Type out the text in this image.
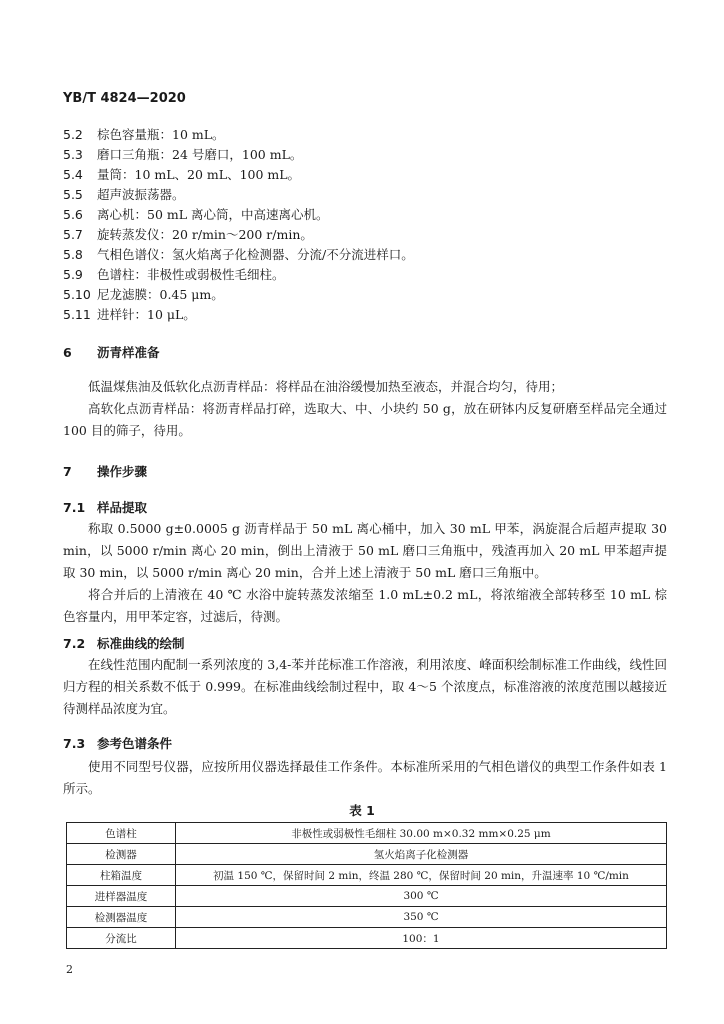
YB/T 4824—2020
5.2 棕色容量瓶：10 mL。
5.3 磨口三角瓶：24 号磨口，100 mL。
5.4 量筒：10 mL、20 mL、100 mL。
5.5 超声波振荡器。
5.6 离心机：50 mL 离心筒，中高速离心机。
5.7 旋转蒸发仪：20 r/min～200 r/min。
5.8 气相色谱仪：氢火焰离子化检测器、分流/不分流进样口。
5.9 色谱柱：非极性或弱极性毛细柱。
5.10 尼龙滤膜：0.45 μm。
5.11 进样针：10 μL。
6 沥青样准备
低温煤焦油及低软化点沥青样品：将样品在油浴缓慢加热至液态，并混合均匀，待用；
高软化点沥青样品：将沥青样品打碎，选取大、中、小块约 50 g，放在研钵内反复研磨至样品完全通过 100 目的筛子，待用。
7 操作步骤
7.1 样品提取
称取 0.5000 g±0.0005 g 沥青样品于 50 mL 离心桶中，加入 30 mL 甲苯，涡旋混合后超声提取 30 min，以 5000 r/min 离心 20 min，倒出上清液于 50 mL 磨口三角瓶中，残渣再加入 20 mL 甲苯超声提取 30 min，以 5000 r/min 离心 20 min，合并上述上清液于 50 mL 磨口三角瓶中。
将合并后的上清液在 40 ℃ 水浴中旋转蒸发浓缩至 1.0 mL±0.2 mL，将浓缩液全部转移至 10 mL 棕色容量内，用甲苯定容，过滤后，待测。
7.2 标准曲线的绘制
在线性范围内配制一系列浓度的 3,4-苯并芘标准工作溶液，利用浓度、峰面积绘制标准工作曲线，线性回归方程的相关系数不低于 0.999。在标准曲线绘制过程中，取 4～5 个浓度点，标准溶液的浓度范围以越接近待测样品浓度为宜。
7.3 参考色谱条件
使用不同型号仪器，应按所用仪器选择最佳工作条件。本标准所采用的气相色谱仪的典型工作条件如表 1 所示。
表 1
色谱柱	非极性或弱极性毛细柱 30.00 m×0.32 mm×0.25 μm
检测器	氢火焰离子化检测器
柱箱温度	初温 150 ℃，保留时间 2 min，终温 280 ℃，保留时间 20 min，升温速率 10 ℃/min
进样器温度	300 ℃
检测器温度	350 ℃
分流比	100：1
2
